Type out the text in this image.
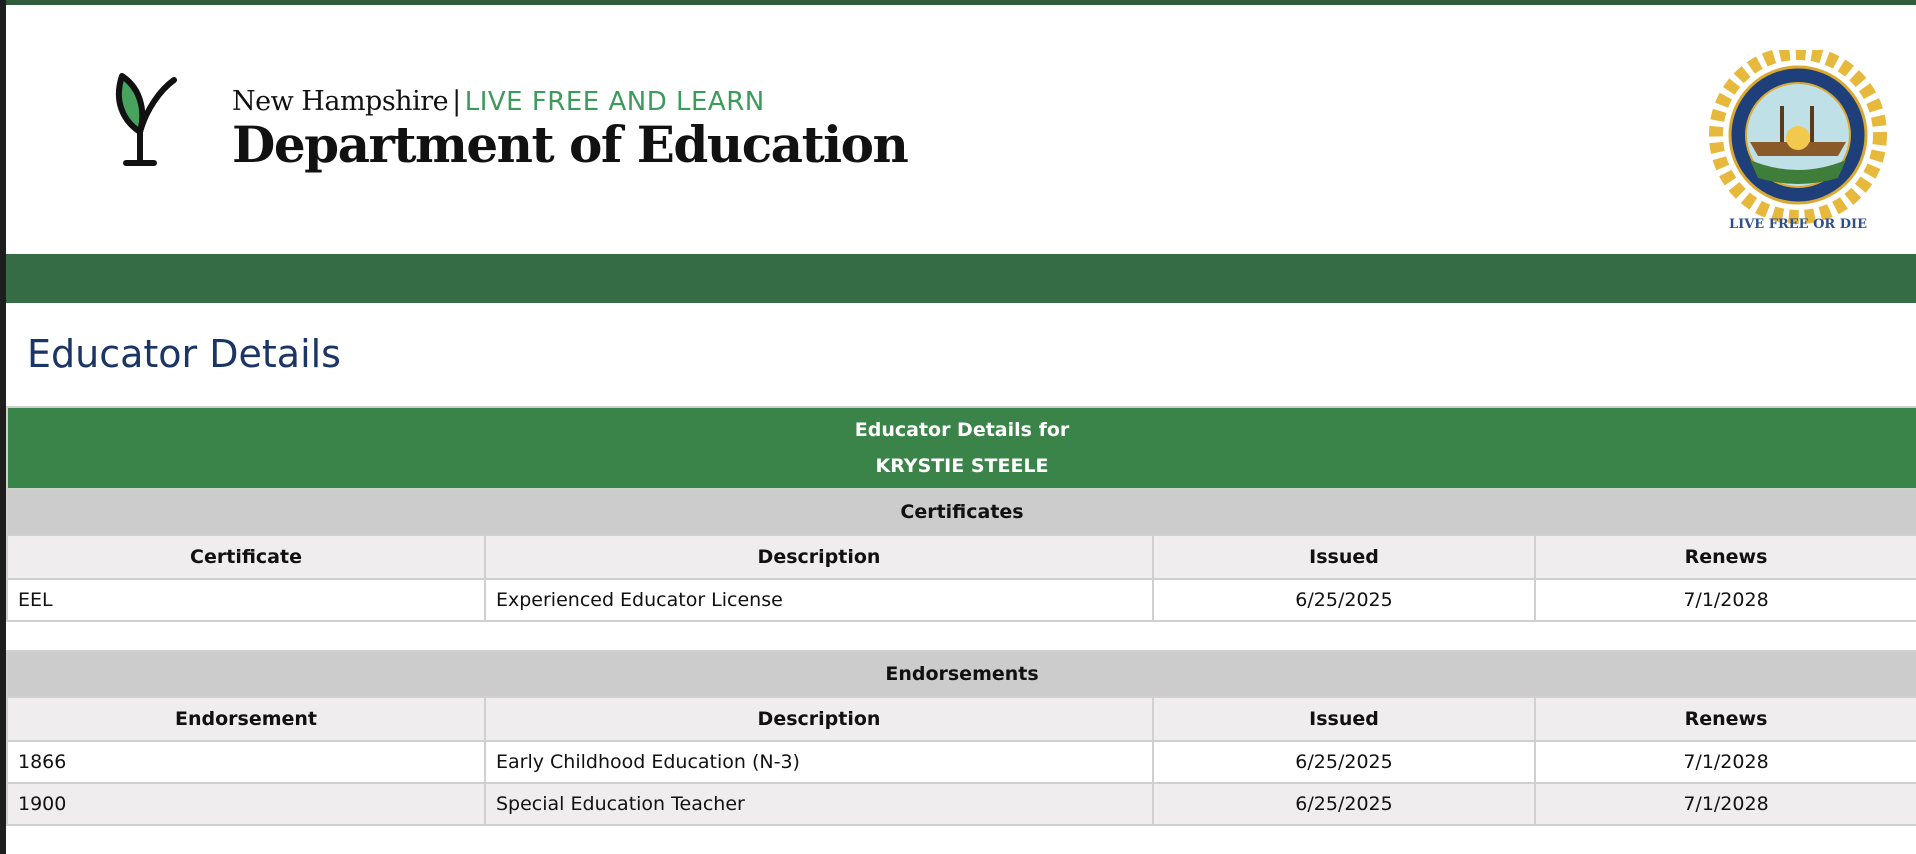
New Hampshire | LIVE FREE AND LEARN
Department of Education
LIVE FREE OR DIE
Educator Details
Educator Details for
KRYSTIE STEELE			

Certificates			
Certificate	Description	Issued	Renews
EEL	Experienced Educator License	6/25/2025	7/1/2028
Endorsements			
Endorsement	Description	Issued	Renews
1866	Early Childhood Education (N-3)	6/25/2025	7/1/2028
1900	Special Education Teacher	6/25/2025	7/1/2028
